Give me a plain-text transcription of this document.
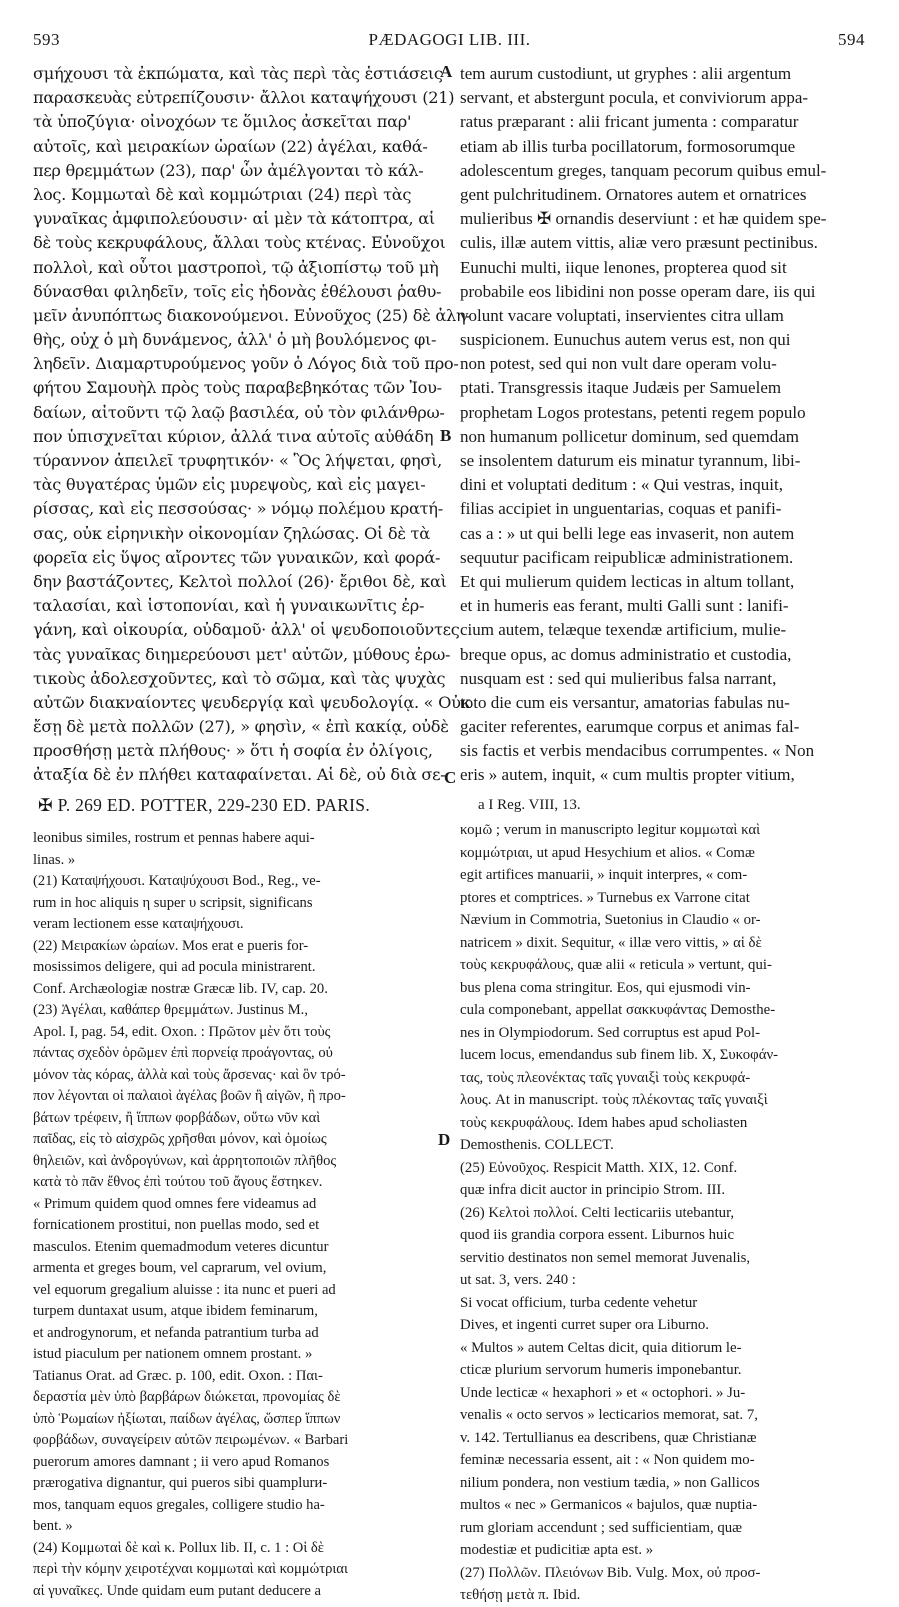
593	PÆDAGOGI LIB. III.	594
A
B
C
D
σμήχουσι τὰ ἐκπώματα, καὶ τὰς περὶ τὰς ἑστιάσεις
παρασκευὰς εὐτρεπίζουσιν· ἄλλοι καταψήχουσι (21)
τὰ ὑποζύγια· οἰνοχόων τε ὅμιλος ἀσκεῖται παρ'
αὐτοῖς, καὶ μειρακίων ὡραίων (22) ἀγέλαι, καθά-
περ θρεμμάτων (23), παρ' ὧν ἀμέλγονται τὸ κάλ-
λος. Κομμωταὶ δὲ καὶ κομμώτριαι (24) περὶ τὰς
γυναῖκας ἀμφιπολεύουσιν· αἱ μὲν τὰ κάτοπτρα, αἱ
δὲ τοὺς κεκρυφάλους, ἄλλαι τοὺς κτένας. Εὐνοῦχοι
πολλοὶ, καὶ οὗτοι μαστροποὶ, τῷ ἀξιοπίστῳ τοῦ μὴ
δύνασθαι φιληδεῖν, τοῖς εἰς ἡδονὰς ἐθέλουσι ῥαθυ-
μεῖν ἀνυπόπτως διακονούμενοι. Εὐνοῦχος (25) δὲ ἀλη-
θὴς, οὐχ ὁ μὴ δυνάμενος, ἀλλ' ὁ μὴ βουλόμενος φι-
ληδεῖν. Διαμαρτυρούμενος γοῦν ὁ Λόγος διὰ τοῦ προ-
φήτου Σαμουὴλ πρὸς τοὺς παραβεβηκότας τῶν Ἰου-
δαίων, αἰτοῦντι τῷ λαῷ βασιλέα, οὐ τὸν φιλάνθρω-
πον ὑπισχνεῖται κύριον, ἀλλά τινα αὐτοῖς αὐθάδη
τύραννον ἀπειλεῖ τρυφητικόν· « Ὃς λήψεται, φησὶ,
τὰς θυγατέρας ὑμῶν εἰς μυρεψοὺς, καὶ εἰς μαγει-
ρίσσας, καὶ εἰς πεσσούσας· » νόμῳ πολέμου κρατή-
σας, οὐκ εἰρηνικὴν οἰκονομίαν ζηλώσας. Οἱ δὲ τὰ
φορεῖα εἰς ὕψος αἴροντες τῶν γυναικῶν, καὶ φορά-
δην βαστάζοντες, Κελτοὶ πολλοί (26)· ἔριθοι δὲ, καὶ
ταλασίαι, καὶ ἱστοπονίαι, καὶ ἡ γυναικωνῖτις ἐρ-
γάνη, καὶ οἰκουρία, οὐδαμοῦ· ἀλλ' οἱ ψευδοποιοῦντες
τὰς γυναῖκας διημερεύουσι μετ' αὐτῶν, μύθους ἐρω-
τικοὺς ἀδολεσχοῦντες, καὶ τὸ σῶμα, καὶ τὰς ψυχὰς
αὐτῶν διακναίοντες ψευδεργίᾳ καὶ ψευδολογίᾳ. « Οὐκ
ἔσῃ δὲ μετὰ πολλῶν (27), » φησὶν, « ἐπὶ κακίᾳ, οὐδὲ
προσθήσῃ μετὰ πλήθους· » ὅτι ἡ σοφία ἐν ὀλίγοις,
ἀταξία δὲ ἐν πλήθει καταφαίνεται. Αἱ δὲ, οὐ διὰ σε-
tem aurum custodiunt, ut gryphes : alii argentum
servant, et abstergunt pocula, et conviviorum appa-
ratus præparant : alii fricant jumenta : comparatur
etiam ab illis turba pocillatorum, formosorumque
adolescentum greges, tanquam pecorum quibus emul-
gent pulchritudinem. Ornatores autem et ornatrices
mulieribus ✠ ornandis deserviunt : et hæ quidem spe-
culis, illæ autem vittis, aliæ vero præsunt pectinibus.
Eunuchi multi, iique lenones, propterea quod sit
probabile eos libidini non posse operam dare, iis qui
volunt vacare voluptati, inservientes citra ullam
suspicionem. Eunuchus autem verus est, non qui
non potest, sed qui non vult dare operam volu-
ptati. Transgressis itaque Judæis per Samuelem
prophetam Logos protestans, petenti regem populo
non humanum pollicetur dominum, sed quemdam
se insolentem daturum eis minatur tyrannum, libi-
dini et voluptati deditum : « Qui vestras, inquit,
filias accipiet in unguentarias, coquas et panifi-
cas a : » ut qui belli lege eas invaserit, non autem
sequutur pacificam reipublicæ administrationem.
Et qui mulierum quidem lecticas in altum tollant,
et in humeris eas ferant, multi Galli sunt : lanifi-
cium autem, telæque texendæ artificium, mulie-
breque opus, ac domus administratio et custodia,
nusquam est : sed qui mulieribus falsa narrant,
toto die cum eis versantur, amatorias fabulas nu-
gaciter referentes, earumque corpus et animas fal-
sis factis et verbis mendacibus corrumpentes. « Non
eris » autem, inquit, « cum multis propter vitium,
✠ P. 269 ED. POTTER, 229-230 ED. PARIS.
leonibus similes, rostrum et pennas habere aqui-
linas. »
(21) Καταψήχουσι. Καταψύχουσι Bod., Reg., ve-
rum in hoc aliquis η super υ scripsit, significans
veram lectionem esse καταψήχουσι.
(22) Μειρακίων ὡραίων. Mos erat e pueris for-
mosissimos deligere, qui ad pocula ministrarent.
Conf. Archæologiæ nostræ Græcæ lib. IV, cap. 20.
(23) Ἀγέλαι, καθάπερ θρεμμάτων. Justinus M.,
Apol. I, pag. 54, edit. Oxon. : Πρῶτον μὲν ὅτι τοὺς
πάντας σχεδὸν ὁρῶμεν ἐπὶ πορνείᾳ προάγοντας, οὐ
μόνον τὰς κόρας, ἀλλὰ καὶ τοὺς ἄρσενας· καὶ ὃν τρό-
πον λέγονται οἱ παλαιοὶ ἀγέλας βοῶν ἢ αἰγῶν, ἢ προ-
βάτων τρέφειν, ἢ ἵππων φορβάδων, οὕτω νῦν καὶ
παῖδας, εἰς τὸ αἰσχρῶς χρῆσθαι μόνον, καὶ ὁμοίως
θηλειῶν, καὶ ἀνδρογύνων, καὶ ἀρρητοποιῶν πλῆθος
κατὰ τὸ πᾶν ἔθνος ἐπὶ τούτου τοῦ ἄγους ἔστηκεν.
« Primum quidem quod omnes fere videamus ad
fornicationem prostitui, non puellas modo, sed et
masculos. Etenim quemadmodum veteres dicuntur
armenta et greges boum, vel caprarum, vel ovium,
vel equorum gregalium aluisse : ita nunc et pueri ad
turpem duntaxat usum, atque ibidem feminarum,
et androgynorum, et nefanda patrantium turba ad
istud piaculum per nationem omnem prostant. »
Tatianus Orat. ad Græc. p. 100, edit. Oxon. : Παι-
δεραστία μὲν ὑπὸ βαρβάρων διώκεται, προνομίας δὲ
ὑπὸ Ῥωμαίων ἠξίωται, παίδων ἀγέλας, ὥσπερ ἵππων
φορβάδων, συναγείρειν αὐτῶν πειρωμένων. « Barbari
puerorum amores damnant ; ii vero apud Romanos
prærogativa dignantur, qui pueros sibi quamplurи-
mos, tanquam equos gregales, colligere studio ha-
bent. »
(24) Κομμωταὶ δὲ καὶ κ. Pollux lib. II, c. 1 : Οἱ δὲ
περὶ τὴν κόμην χειροτέχναι κομμωταὶ καὶ κομμώτριαι
αἱ γυναῖκες. Unde quidam eum putant deducere a
a I Reg. VIII, 13.
κομῶ ; verum in manuscripto legitur κομμωταὶ καὶ
κομμώτριαι, ut apud Hesychium et alios. « Comæ
egit artifices manuarii, » inquit interpres, « com-
ptores et comptrices. » Turnebus ex Varrone citat
Nævium in Commotria, Suetonius in Claudio « or-
natricem » dixit. Sequitur, « illæ vero vittis, » αἱ δὲ
τοὺς κεκρυφάλους, quæ alii « reticula » vertunt, qui-
bus plena coma stringitur. Eos, qui ejusmodi vin-
cula componebant, appellat σακκυφάντας Demosthe-
nes in Olympiodorum. Sed corruptus est apud Pol-
lucem locus, emendandus sub finem lib. X, Συκοφάν-
τας, τοὺς πλεονέκτας ταῖς γυναιξὶ τοὺς κεκρυφά-
λους. At in manuscript. τοὺς πλέκοντας ταῖς γυναιξὶ
τοὺς κεκρυφάλους. Idem habes apud scholiasten
Demosthenis. COLLECT.
(25) Εὐνοῦχος. Respicit Matth. XIX, 12. Conf.
quæ infra dicit auctor in principio Strom. III.
(26) Κελτοὶ πολλοί. Celti lecticariis utebantur,
quod iis grandia corpora essent. Liburnos huic
servitio destinatos non semel memorat Juvenalis,
ut sat. 3, vers. 240 :
Si vocat officium, turba cedente vehetur
Dives, et ingenti curret super ora Liburno.
« Multos » autem Celtas dicit, quia ditiorum le-
cticæ plurium servorum humeris imponebantur.
Unde lecticæ « hexaphori » et « octophori. » Ju-
venalis « octo servos » lecticarios memorat, sat. 7,
v. 142. Tertullianus ea describens, quæ Christianæ
feminæ necessaria essent, ait : « Non quidem mo-
nilium pondera, non vestium tædia, » non Gallicos
multos « nec » Germanicos « bajulos, quæ nuptia-
rum gloriam accendunt ; sed sufficientiam, quæ
modestiæ et pudicitiæ apta est. »
(27) Πολλῶν. Πλειόνων Bib. Vulg. Mox, οὐ προσ-
τεθήσῃ μετὰ π. Ibid.
